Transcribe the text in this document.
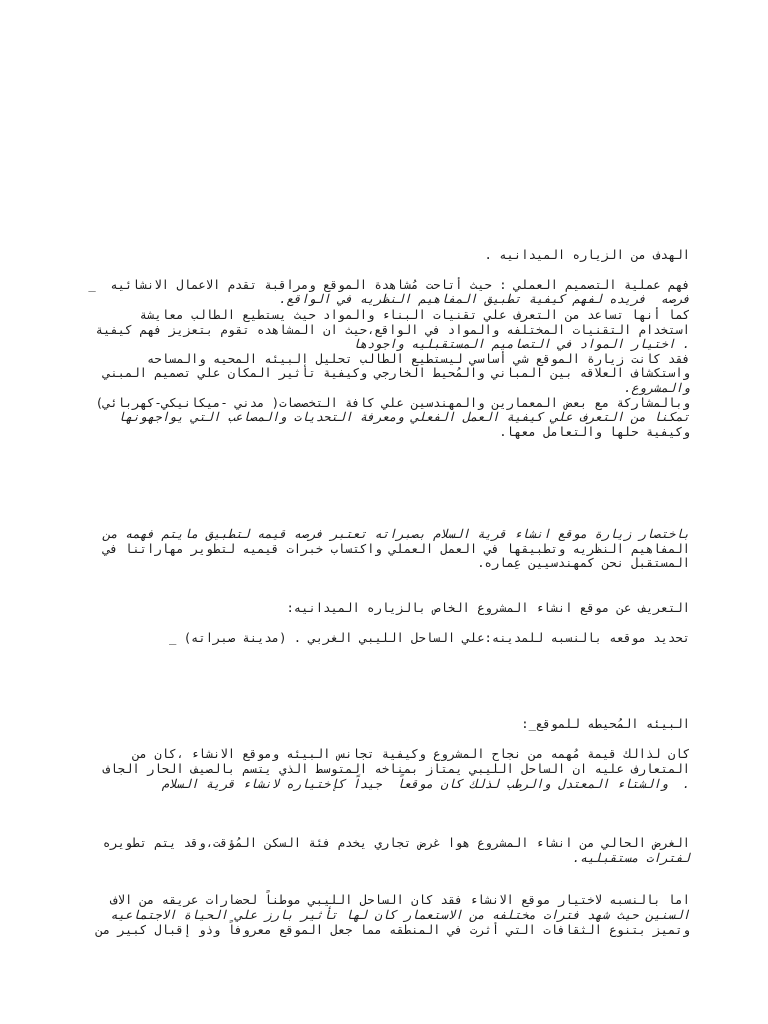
الهدف من الزياره الميدانيه .
فهم عملية التصميم العملي : حيث أتاحت مُشاهدة الموقع ومراقبة تقدم الاعمال الانشائيه  _
فرصه  فريده لفهم كيفية تطبيق المفاهيم النظريه في الواقع.
كما أنها تساعد من التعرف علي تقنيات البناء والمواد حيث يستطيع الطالب معايشة
استخدام التقنيات المختلفه والمواد في الواقع،حيث ان المشاهده تقوم بتعزيز فهم كيفية
. اختيار المواد في التصاميم المستقبليه واجودها
فقد كانت زيارة الموقع شي أساسي ليستطيع الطالب تحليل البيئه المحيه والمساحه
واستكشاف العلاقه بين المباني والمُحيط الخارجي وكيفية تأثير المكان علي تصميم المبني
والمشروع.
وبالمشاركة مع بعض المعمارين والمهندسين علي كافة التخصصات( مدني -ميكانيكي-كهربائي)
تمكنا من التعرف علي كيفية العمل الفعلي ومعرفة التحديات والمصاعب التي يواجهونها
وكيفية حلها والتعامل معها.
باختصار زيارة موقع انشاء قرية السلام بصبراته تعتبر فرصه قيمه لتطبيق مايتم فهمه من
المفاهيم النظريه وتطبيقها في العمل العملي واكتساب خبرات قيميه لتطوير مهاراتنا في
المستقبل نحن كمهندسيين عِماره.
التعريف عن موقع انشاء المشروع الخاص بالزياره الميدانيه:
تحديد موقعه بالنسبه للمدينه:علي الساحل الليبي الغربي . (مدينة صبراته) _
البيئه المُحيطه للموقع_:
كان لذالك قيمة مُهمه من نجاح المشروع وكيفية تجانس البيئه وموقع الانشاء ،كان من
المتعارف عليه ان الساحل الليبي يمتاز بمناخه المتوسط الذي يتسم بالصيف الحار الجاف
.  والشتاء المعتدل والرطب لذلك كان موقعاً  جيداً كإختياره لانشاء قرية السلام
الغرض الحالي من انشاء المشروع هوا غرض تجاري يخدم فئة السكن المُؤقت،وقد يتم تطويره
لفترات مستقبليه.
اما بالنسبه لاختيار موقع الانشاء فقد كان الساحل الليبي موطناً لحضارات عريقه من الاف
السنين حيث شهد فترات مختلفه من الاستعمار كان لها تأثير بارز علي الحياة الاجتماعيه
وتميز بتنوع الثقافات التي أثرت في المنطقه مما جعل الموقع معروفاً وذو إقبال كبير من
